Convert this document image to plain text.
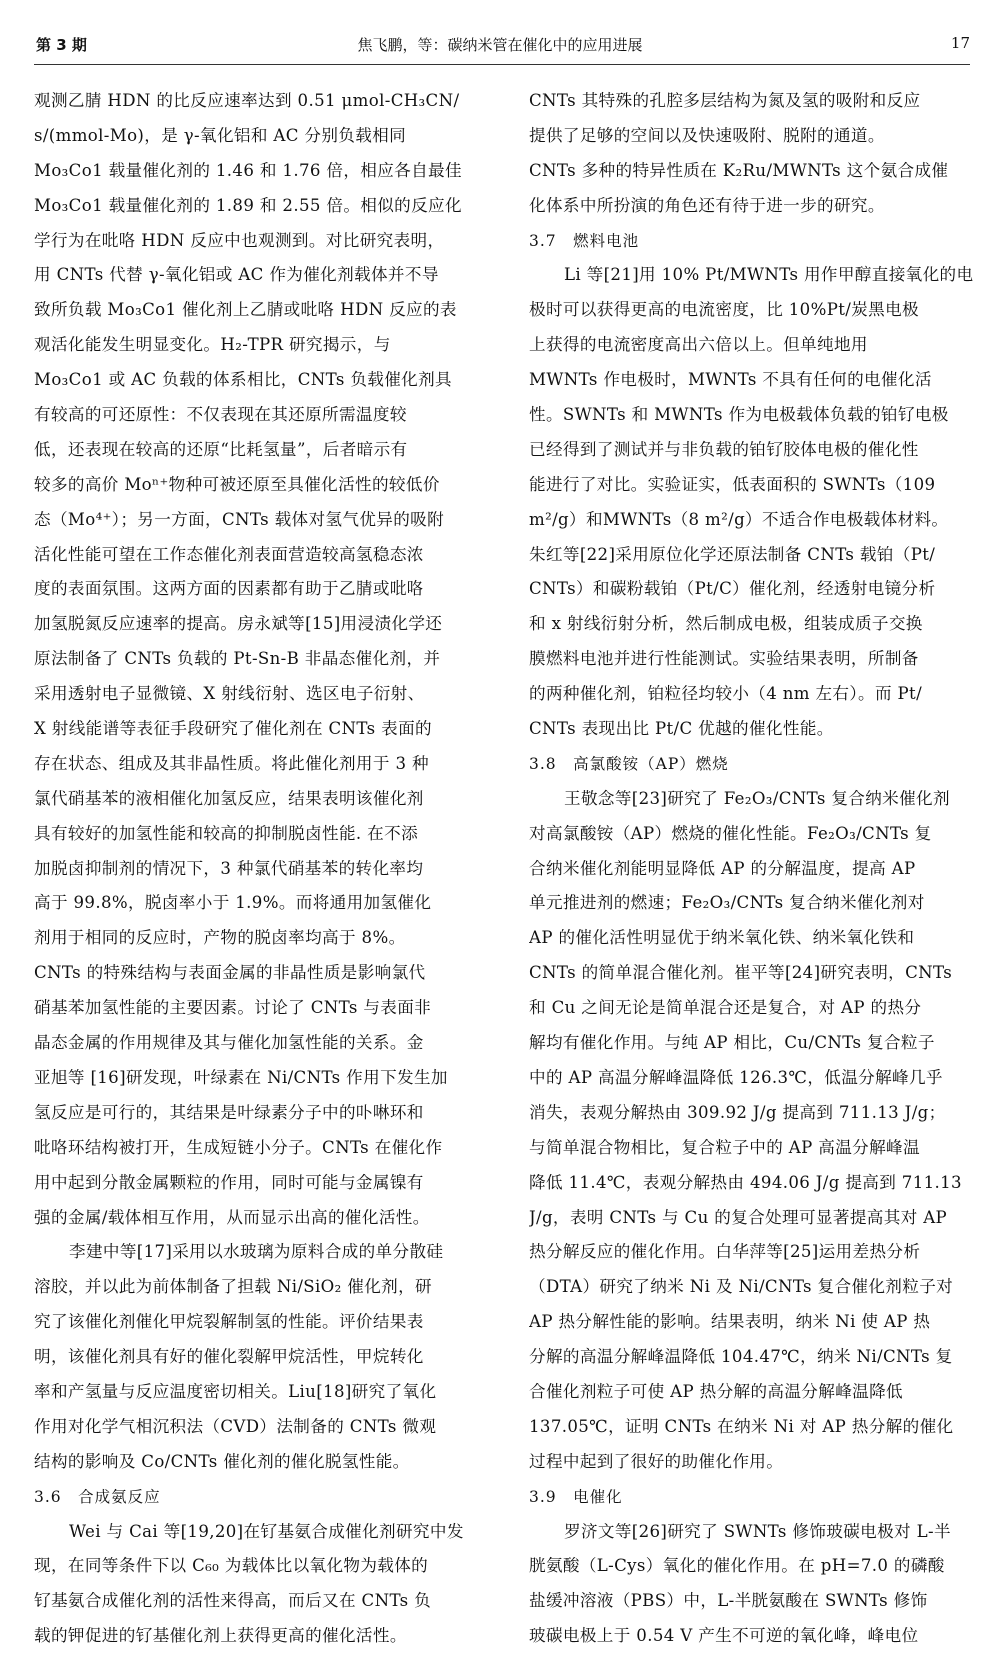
第 3 期	焦飞鹏，等：碳纳米管在催化中的应用进展	17
观测乙腈 HDN 的比反应速率达到 0.51 μmol-CH₃CN/
s/(mmol-Mo)，是 γ-氧化铝和 AC 分别负载相同
Mo₃Co1 载量催化剂的 1.46 和 1.76 倍，相应各自最佳
Mo₃Co1 载量催化剂的 1.89 和 2.55 倍。相似的反应化
学行为在吡咯 HDN 反应中也观测到。对比研究表明，
用 CNTs 代替 γ-氧化铝或 AC 作为催化剂载体并不导
致所负载 Mo₃Co1 催化剂上乙腈或吡咯 HDN 反应的表
观活化能发生明显变化。H₂-TPR 研究揭示，与
Mo₃Co1 或 AC 负载的体系相比，CNTs 负载催化剂具
有较高的可还原性：不仅表现在其还原所需温度较
低，还表现在较高的还原“比耗氢量”，后者暗示有
较多的高价 Moⁿ⁺物种可被还原至具催化活性的较低价
态（Mo⁴⁺）；另一方面，CNTs 载体对氢气优异的吸附
活化性能可望在工作态催化剂表面营造较高氢稳态浓
度的表面氛围。这两方面的因素都有助于乙腈或吡咯
加氢脱氮反应速率的提高。房永斌等[15]用浸渍化学还
原法制备了 CNTs 负载的 Pt-Sn-B 非晶态催化剂，并
采用透射电子显微镜、X 射线衍射、选区电子衍射、
X 射线能谱等表征手段研究了催化剂在 CNTs 表面的
存在状态、组成及其非晶性质。将此催化剂用于 3 种
氯代硝基苯的液相催化加氢反应，结果表明该催化剂
具有较好的加氢性能和较高的抑制脱卤性能. 在不添
加脱卤抑制剂的情况下，3 种氯代硝基苯的转化率均
高于 99.8%，脱卤率小于 1.9%。而将通用加氢催化
剂用于相同的反应时，产物的脱卤率均高于 8%。
CNTs 的特殊结构与表面金属的非晶性质是影响氯代
硝基苯加氢性能的主要因素。讨论了 CNTs 与表面非
晶态金属的作用规律及其与催化加氢性能的关系。金
亚旭等 [16]研发现，叶绿素在 Ni/CNTs 作用下发生加
氢反应是可行的，其结果是叶绿素分子中的卟啉环和
吡咯环结构被打开，生成短链小分子。CNTs 在催化作
用中起到分散金属颗粒的作用，同时可能与金属镍有
强的金属/载体相互作用，从而显示出高的催化活性。
李建中等[17]采用以水玻璃为原料合成的单分散硅
溶胶，并以此为前体制备了担载 Ni/SiO₂ 催化剂，研
究了该催化剂催化甲烷裂解制氢的性能。评价结果表
明，该催化剂具有好的催化裂解甲烷活性，甲烷转化
率和产氢量与反应温度密切相关。Liu[18]研究了氧化
作用对化学气相沉积法（CVD）法制备的 CNTs 微观
结构的影响及 Co/CNTs 催化剂的催化脱氢性能。
3.6　合成氨反应
Wei 与 Cai 等[19,20]在钌基氨合成催化剂研究中发
现，在同等条件下以 C₆₀ 为载体比以氧化物为载体的
钌基氨合成催化剂的活性来得高，而后又在 CNTs 负
载的钾促进的钌基催化剂上获得更高的催化活性。
CNTs 其特殊的孔腔多层结构为氮及氢的吸附和反应
提供了足够的空间以及快速吸附、脱附的通道。
CNTs 多种的特异性质在 K₂Ru/MWNTs 这个氨合成催
化体系中所扮演的角色还有待于进一步的研究。
3.7　燃料电池
Li 等[21]用 10% Pt/MWNTs 用作甲醇直接氧化的电
极时可以获得更高的电流密度，比 10%Pt/炭黑电极
上获得的电流密度高出六倍以上。但单纯地用
MWNTs 作电极时，MWNTs 不具有任何的电催化活
性。SWNTs 和 MWNTs 作为电极载体负载的铂钌电极
已经得到了测试并与非负载的铂钌胶体电极的催化性
能进行了对比。实验证实，低表面积的 SWNTs（109
m²/g）和MWNTs（8 m²/g）不适合作电极载体材料。
朱红等[22]采用原位化学还原法制备 CNTs 载铂（Pt/
CNTs）和碳粉载铂（Pt/C）催化剂，经透射电镜分析
和 x 射线衍射分析，然后制成电极，组装成质子交换
膜燃料电池并进行性能测试。实验结果表明，所制备
的两种催化剂，铂粒径均较小（4 nm 左右）。而 Pt/
CNTs 表现出比 Pt/C 优越的催化性能。
3.8　高氯酸铵（AP）燃烧
王敬念等[23]研究了 Fe₂O₃/CNTs 复合纳米催化剂
对高氯酸铵（AP）燃烧的催化性能。Fe₂O₃/CNTs 复
合纳米催化剂能明显降低 AP 的分解温度，提高 AP
单元推进剂的燃速；Fe₂O₃/CNTs 复合纳米催化剂对
AP 的催化活性明显优于纳米氧化铁、纳米氧化铁和
CNTs 的简单混合催化剂。崔平等[24]研究表明，CNTs
和 Cu 之间无论是简单混合还是复合，对 AP 的热分
解均有催化作用。与纯 AP 相比，Cu/CNTs 复合粒子
中的 AP 高温分解峰温降低 126.3℃，低温分解峰几乎
消失，表观分解热由 309.92 J/g 提高到 711.13 J/g；
与简单混合物相比，复合粒子中的 AP 高温分解峰温
降低 11.4℃，表观分解热由 494.06 J/g 提高到 711.13
J/g，表明 CNTs 与 Cu 的复合处理可显著提高其对 AP
热分解反应的催化作用。白华萍等[25]运用差热分析
（DTA）研究了纳米 Ni 及 Ni/CNTs 复合催化剂粒子对
AP 热分解性能的影响。结果表明，纳米 Ni 使 AP 热
分解的高温分解峰温降低 104.47℃，纳米 Ni/CNTs 复
合催化剂粒子可使 AP 热分解的高温分解峰温降低
137.05℃，证明 CNTs 在纳米 Ni 对 AP 热分解的催化
过程中起到了很好的助催化作用。
3.9　电催化
罗济文等[26]研究了 SWNTs 修饰玻碳电极对 L-半
胱氨酸（L-Cys）氧化的催化作用。在 pH=7.0 的磷酸
盐缓冲溶液（PBS）中，L-半胱氨酸在 SWNTs 修饰
玻碳电极上于 0.54 V 产生不可逆的氧化峰，峰电位
